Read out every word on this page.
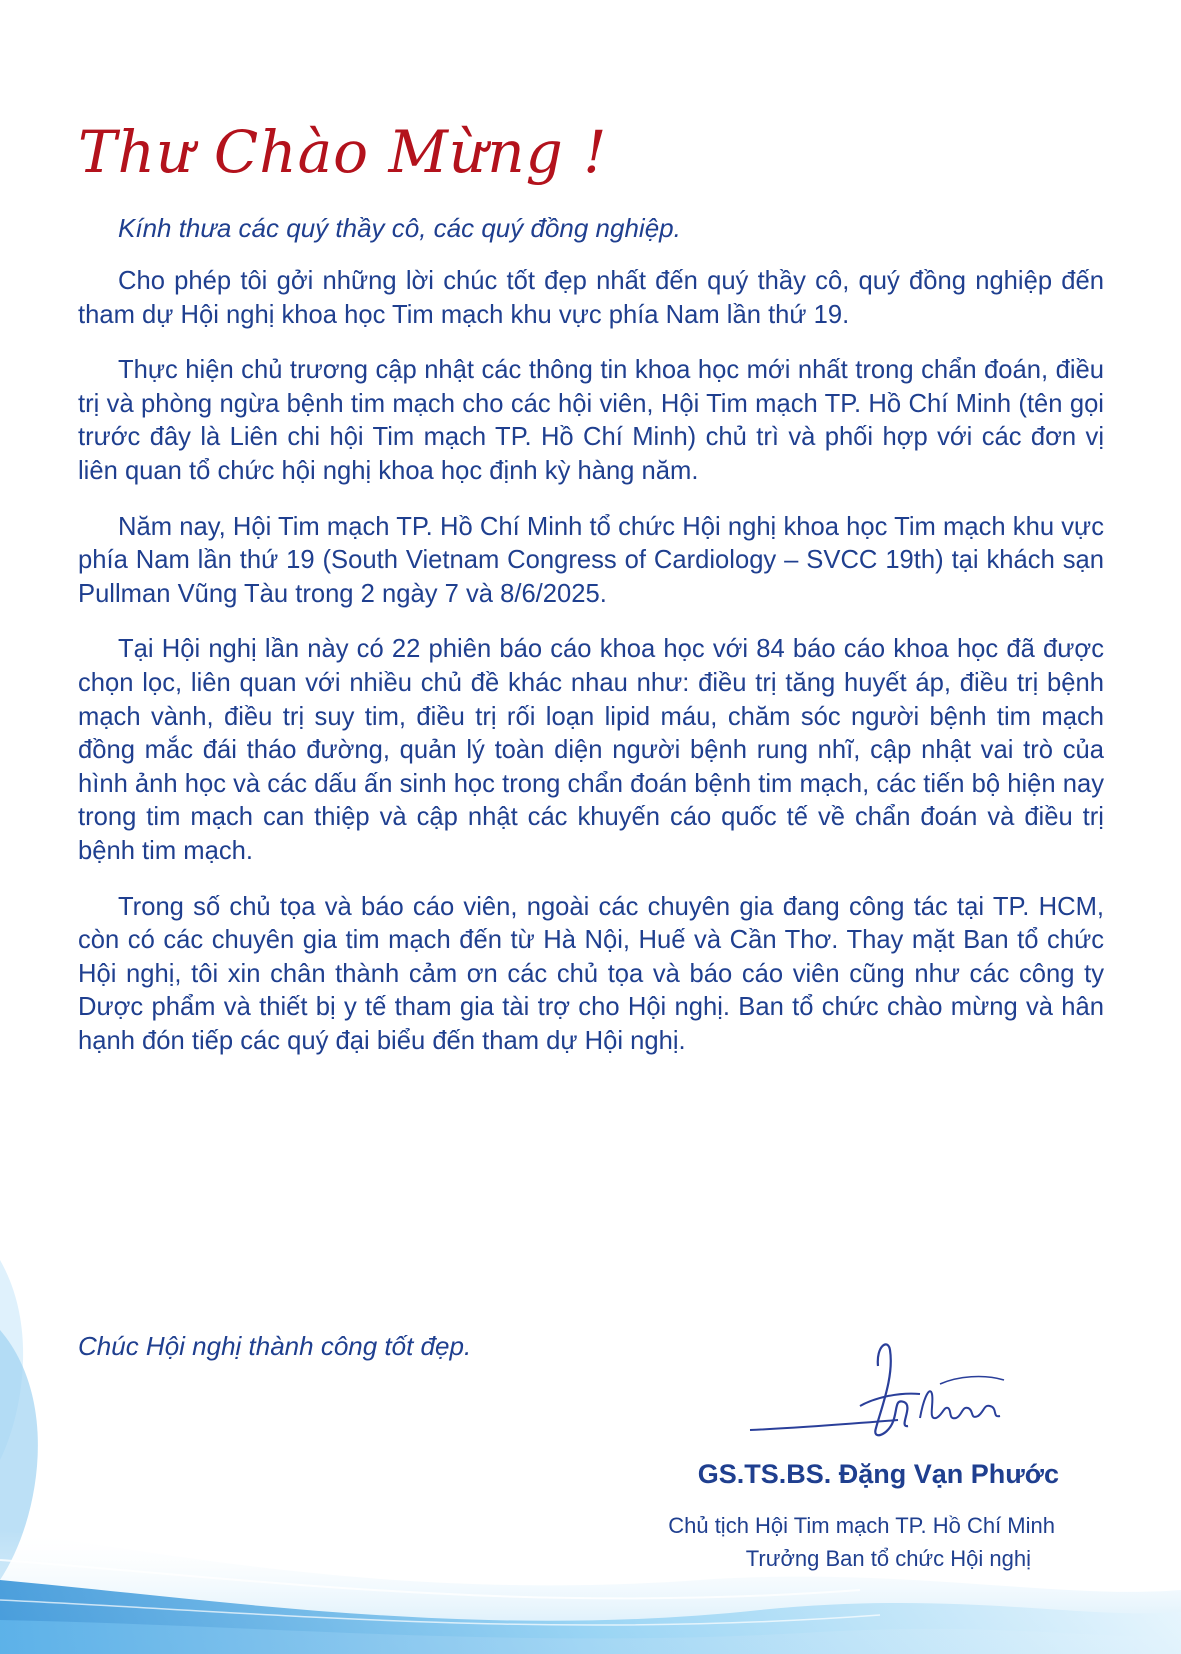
Thư Chào Mừng !
Kính thưa các quý thầy cô, các quý đồng nghiệp.

Cho phép tôi gởi những lời chúc tốt đẹp nhất đến quý thầy cô, quý đồng nghiệp đến tham dự Hội nghị khoa học Tim mạch khu vực phía Nam lần thứ 19.

Thực hiện chủ trương cập nhật các thông tin khoa học mới nhất trong chẩn đoán, điều trị và phòng ngừa bệnh tim mạch cho các hội viên, Hội Tim mạch TP. Hồ Chí Minh (tên gọi trước đây là Liên chi hội Tim mạch TP. Hồ Chí Minh) chủ trì và phối hợp với các đơn vị liên quan tổ chức hội nghị khoa học định kỳ hàng năm.

Năm nay, Hội Tim mạch TP. Hồ Chí Minh tổ chức Hội nghị khoa học Tim mạch khu vực phía Nam lần thứ 19 (South Vietnam Congress of Cardiology – SVCC 19th) tại khách sạn Pullman Vũng Tàu trong 2 ngày 7 và 8/6/2025.

Tại Hội nghị lần này có 22 phiên báo cáo khoa học với 84 báo cáo khoa học đã được chọn lọc, liên quan với nhiều chủ đề khác nhau như: điều trị tăng huyết áp, điều trị bệnh mạch vành, điều trị suy tim, điều trị rối loạn lipid máu, chăm sóc người bệnh tim mạch đồng mắc đái tháo đường, quản lý toàn diện người bệnh rung nhĩ, cập nhật vai trò của hình ảnh học và các dấu ấn sinh học trong chẩn đoán bệnh tim mạch, các tiến bộ hiện nay trong tim mạch can thiệp và cập nhật các khuyến cáo quốc tế về chẩn đoán và điều trị bệnh tim mạch.

Trong số chủ tọa và báo cáo viên, ngoài các chuyên gia đang công tác tại TP. HCM, còn có các chuyên gia tim mạch đến từ Hà Nội, Huế và Cần Thơ. Thay mặt Ban tổ chức Hội nghị, tôi xin chân thành cảm ơn các chủ tọa và báo cáo viên cũng như các công ty Dược phẩm và thiết bị y tế tham gia tài trợ cho Hội nghị. Ban tổ chức chào mừng và hân hạnh đón tiếp các quý đại biểu đến tham dự Hội nghị.

Chúc Hội nghị thành công tốt đẹp.
GS.TS.BS. Đặng Vạn Phước
Chủ tịch Hội Tim mạch TP. Hồ Chí Minh
Trưởng Ban tổ chức Hội nghị
